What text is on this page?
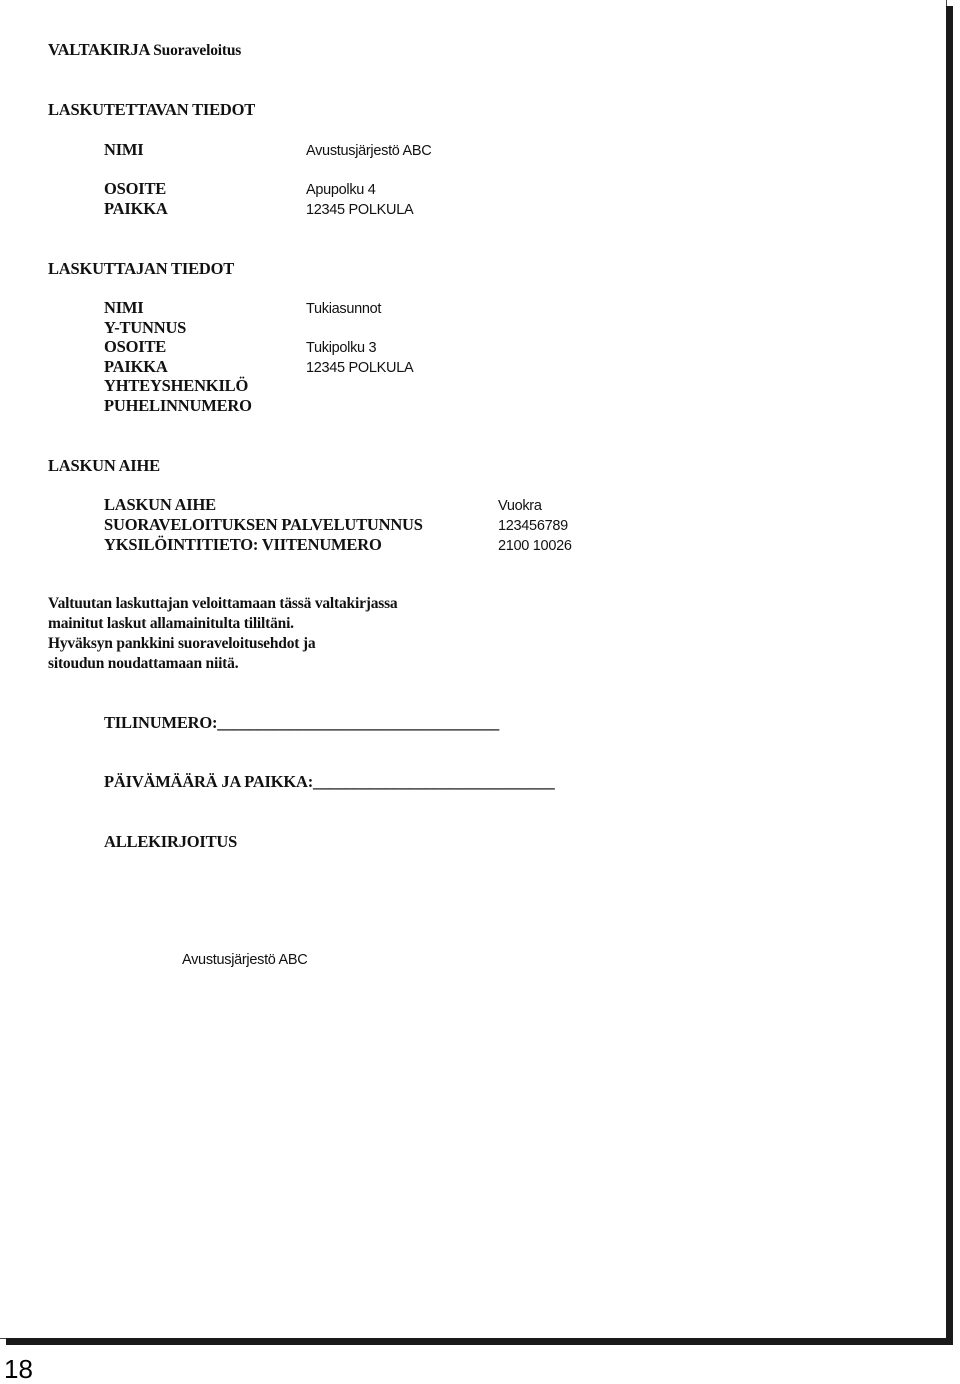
VALTAKIRJA Suoraveloitus
LASKUTETTAVAN TIEDOT
NIMI	Avustusjärjestö ABC
OSOITE	Apupolku 4
PAIKKA	12345 POLKULA
LASKUTTAJAN TIEDOT
NIMI	Tukiasunnot
Y-TUNNUS
OSOITE	Tukipolku 3
PAIKKA	12345 POLKULA
YHTEYSHENKILÖ
PUHELINNUMERO
LASKUN AIHE
LASKUN AIHE	Vuokra
SUORAVELOITUKSEN PALVELUTUNNUS	123456789
YKSILÖINTITIETO: VIITENUMERO	2100 10026
Valtuutan laskuttajan veloittamaan tässä valtakirjassa
mainitut laskut allamainitulta tililtäni.
Hyväksyn pankkini suoraveloitusehdot ja
sitoudun noudattamaan niitä.
TILINUMERO:___________________________________
PÄIVÄMÄÄRÄ JA PAIKKA:______________________________
ALLEKIRJOITUS
Avustusjärjestö ABC
18
